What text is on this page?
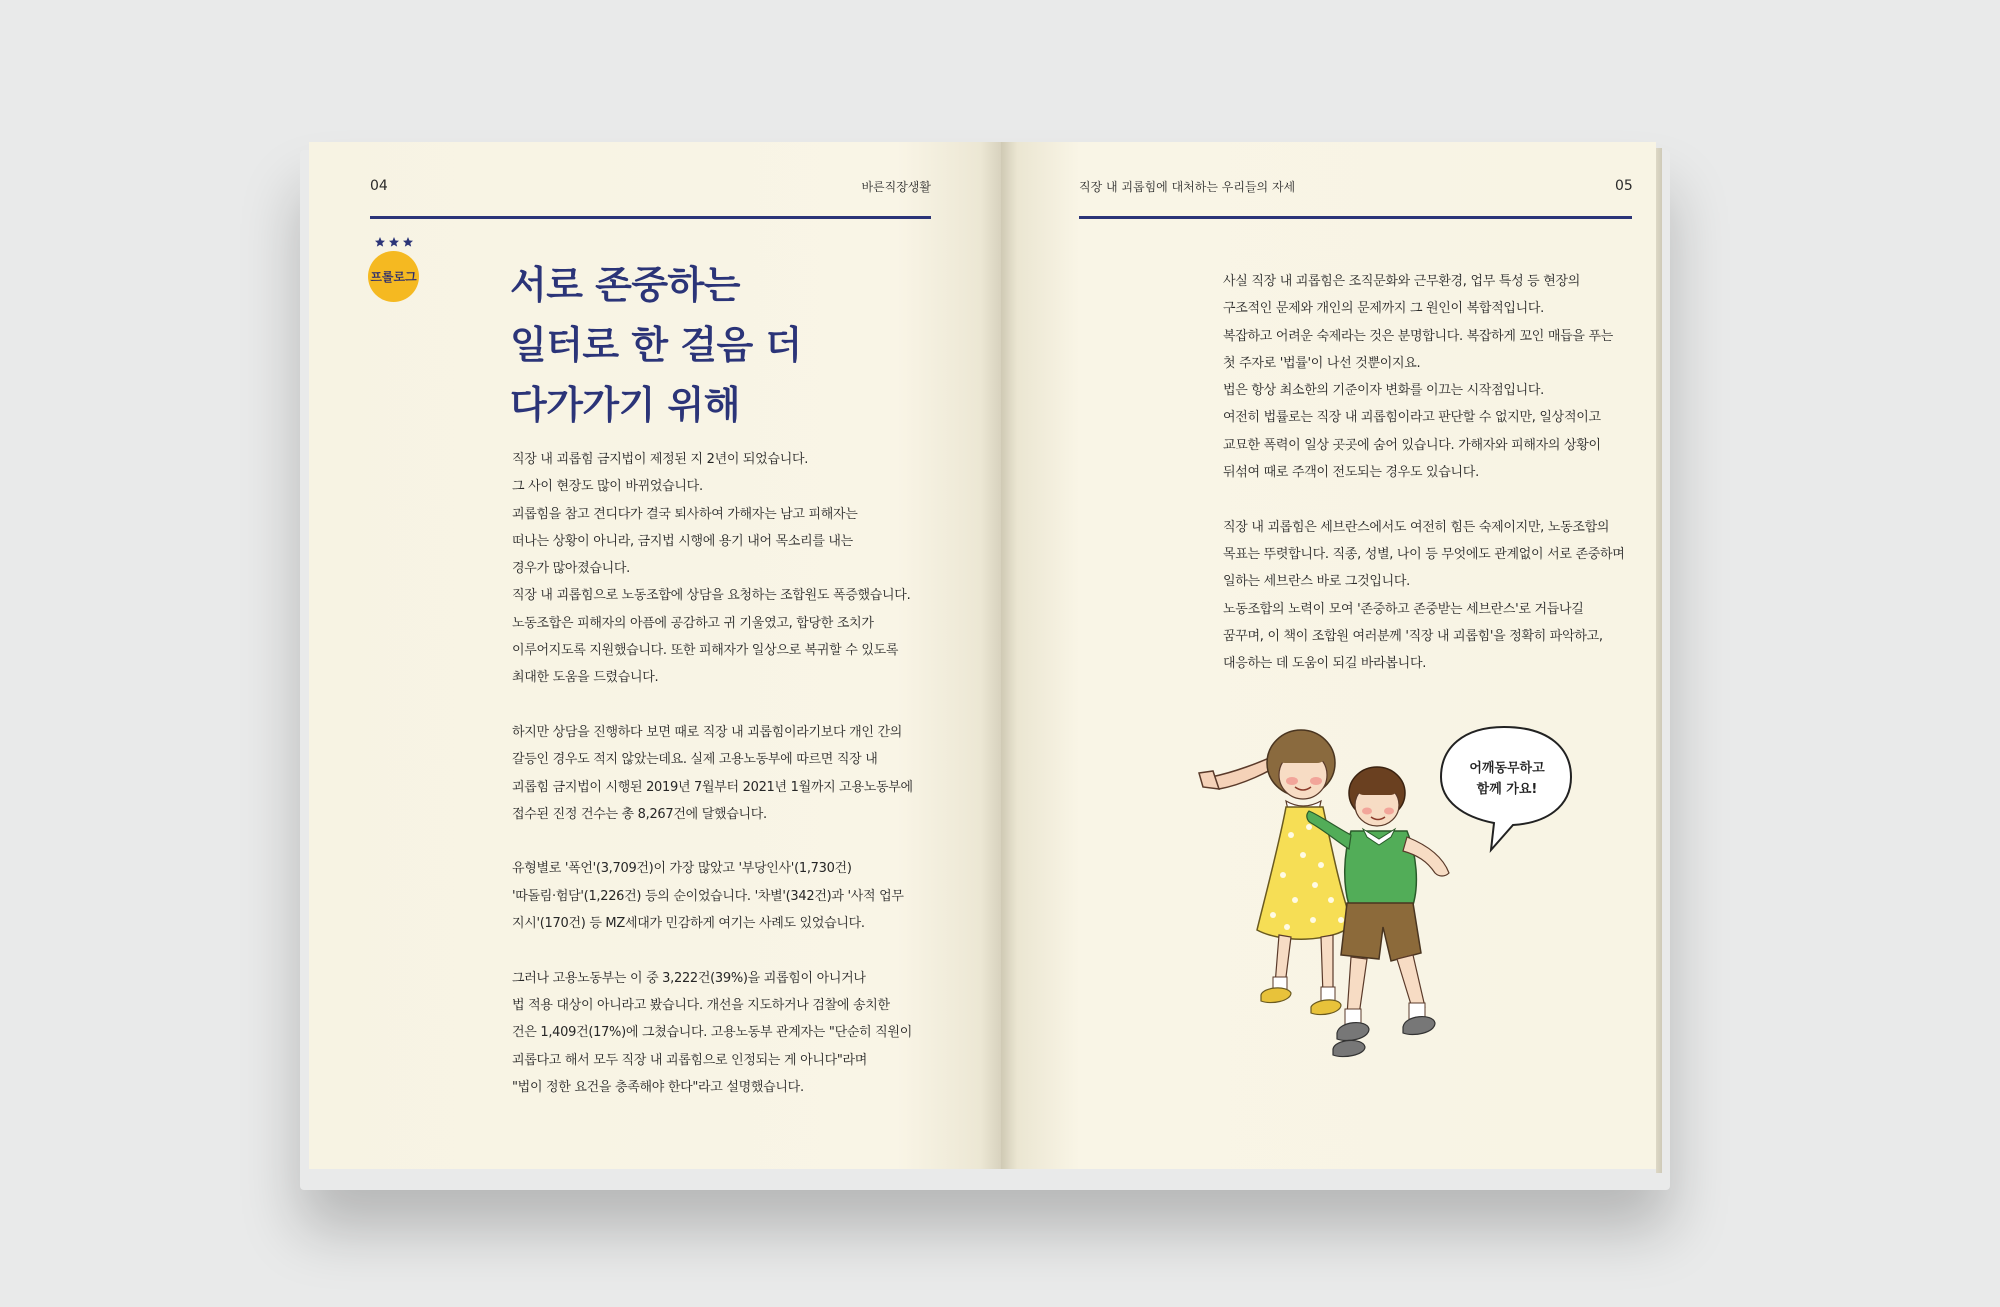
04	바른직장생활
프롤로그 서로 존중하는
일터로 한 걸음 더
다가가기 위해

직장 내 괴롭힘 금지법이 제정된 지 2년이 되었습니다.
그 사이 현장도 많이 바뀌었습니다.
괴롭힘을 참고 견디다가 결국 퇴사하여 가해자는 남고 피해자는
떠나는 상황이 아니라, 금지법 시행에 용기 내어 목소리를 내는
경우가 많아졌습니다.
직장 내 괴롭힘으로 노동조합에 상담을 요청하는 조합원도 폭증했습니다.
노동조합은 피해자의 아픔에 공감하고 귀 기울였고, 합당한 조치가
이루어지도록 지원했습니다. 또한 피해자가 일상으로 복귀할 수 있도록
최대한 도움을 드렸습니다.

하지만 상담을 진행하다 보면 때로 직장 내 괴롭힘이라기보다 개인 간의
갈등인 경우도 적지 않았는데요. 실제 고용노동부에 따르면 직장 내
괴롭힘 금지법이 시행된 2019년 7월부터 2021년 1월까지 고용노동부에
접수된 진정 건수는 총 8,267건에 달했습니다.

유형별로 '폭언'(3,709건)이 가장 많았고 '부당인사'(1,730건)
'따돌림·험담'(1,226건) 등의 순이었습니다. '차별'(342건)과 '사적 업무
지시'(170건) 등 MZ세대가 민감하게 여기는 사례도 있었습니다.

그러나 고용노동부는 이 중 3,222건(39%)을 괴롭힘이 아니거나
법 적용 대상이 아니라고 봤습니다. 개선을 지도하거나 검찰에 송치한
건은 1,409건(17%)에 그쳤습니다. 고용노동부 관계자는 "단순히 직원이
괴롭다고 해서 모두 직장 내 괴롭힘으로 인정되는 게 아니다"라며
"법이 정한 요건을 충족해야 한다"라고 설명했습니다.

직장 내 괴롭힘에 대처하는 우리들의 자세	05

사실 직장 내 괴롭힘은 조직문화와 근무환경, 업무 특성 등 현장의
구조적인 문제와 개인의 문제까지 그 원인이 복합적입니다.
복잡하고 어려운 숙제라는 것은 분명합니다. 복잡하게 꼬인 매듭을 푸는
첫 주자로 '법률'이 나선 것뿐이지요.
법은 항상 최소한의 기준이자 변화를 이끄는 시작점입니다.
여전히 법률로는 직장 내 괴롭힘이라고 판단할 수 없지만, 일상적이고
교묘한 폭력이 일상 곳곳에 숨어 있습니다. 가해자와 피해자의 상황이
뒤섞여 때로 주객이 전도되는 경우도 있습니다.

직장 내 괴롭힘은 세브란스에서도 여전히 힘든 숙제이지만, 노동조합의
목표는 뚜렷합니다. 직종, 성별, 나이 등 무엇에도 관계없이 서로 존중하며
일하는 세브란스 바로 그것입니다.
노동조합의 노력이 모여 '존중하고 존중받는 세브란스'로 거듭나길
꿈꾸며, 이 책이 조합원 여러분께 '직장 내 괴롭힘'을 정확히 파악하고,
대응하는 데 도움이 되길 바라봅니다.

어깨동무하고
함께 가요!
